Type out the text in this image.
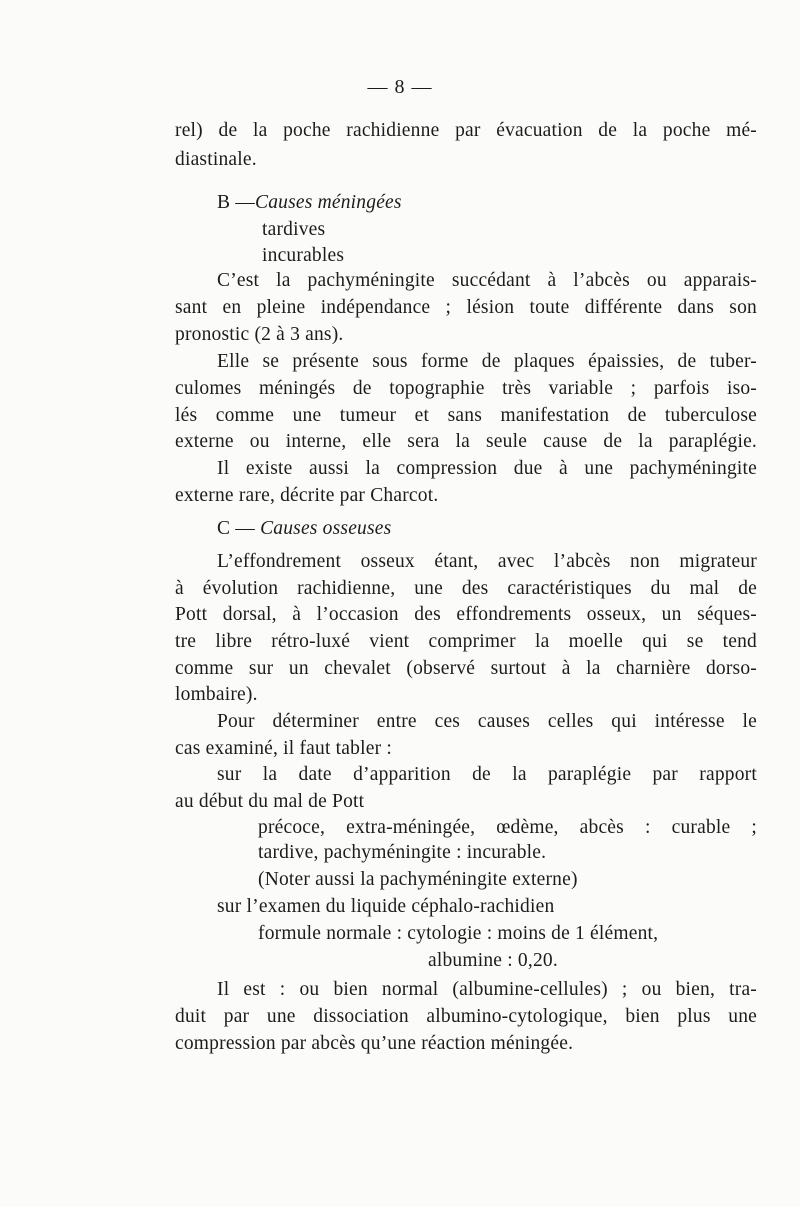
— 8 —
rel) de la poche rachidienne par évacuation de la poche mé-
diastinale.
B —Causes méningées
tardives
incurables
C’est la pachyméningite succédant à l’abcès ou apparais-
sant en pleine indépendance ; lésion toute différente dans son
pronostic (2 à 3 ans).
Elle se présente sous forme de plaques épaissies, de tuber-
culomes méningés de topographie très variable ; parfois iso-
lés comme une tumeur et sans manifestation de tuberculose
externe ou interne, elle sera la seule cause de la paraplégie.
Il existe aussi la compression due à une pachyméningite
externe rare, décrite par Charcot.
C — Causes osseuses
L’effondrement osseux étant, avec l’abcès non migrateur
à évolution rachidienne, une des caractéristiques du mal de
Pott dorsal, à l’occasion des effondrements osseux, un séques-
tre libre rétro-luxé vient comprimer la moelle qui se tend
comme sur un chevalet (observé surtout à la charnière dorso-
lombaire).
Pour déterminer entre ces causes celles qui intéresse le
cas examiné, il faut tabler :
sur la date d’apparition de la paraplégie par rapport
au début du mal de Pott
précoce, extra-méningée, œdème, abcès : curable ;
tardive, pachyméningite : incurable.
(Noter aussi la pachyméningite externe)
sur l’examen du liquide céphalo-rachidien
formule normale : cytologie : moins de 1 élément,
albumine : 0,20.
Il est : ou bien normal (albumine-cellules) ; ou bien, tra-
duit par une dissociation albumino-cytologique, bien plus une
compression par abcès qu’une réaction méningée.
